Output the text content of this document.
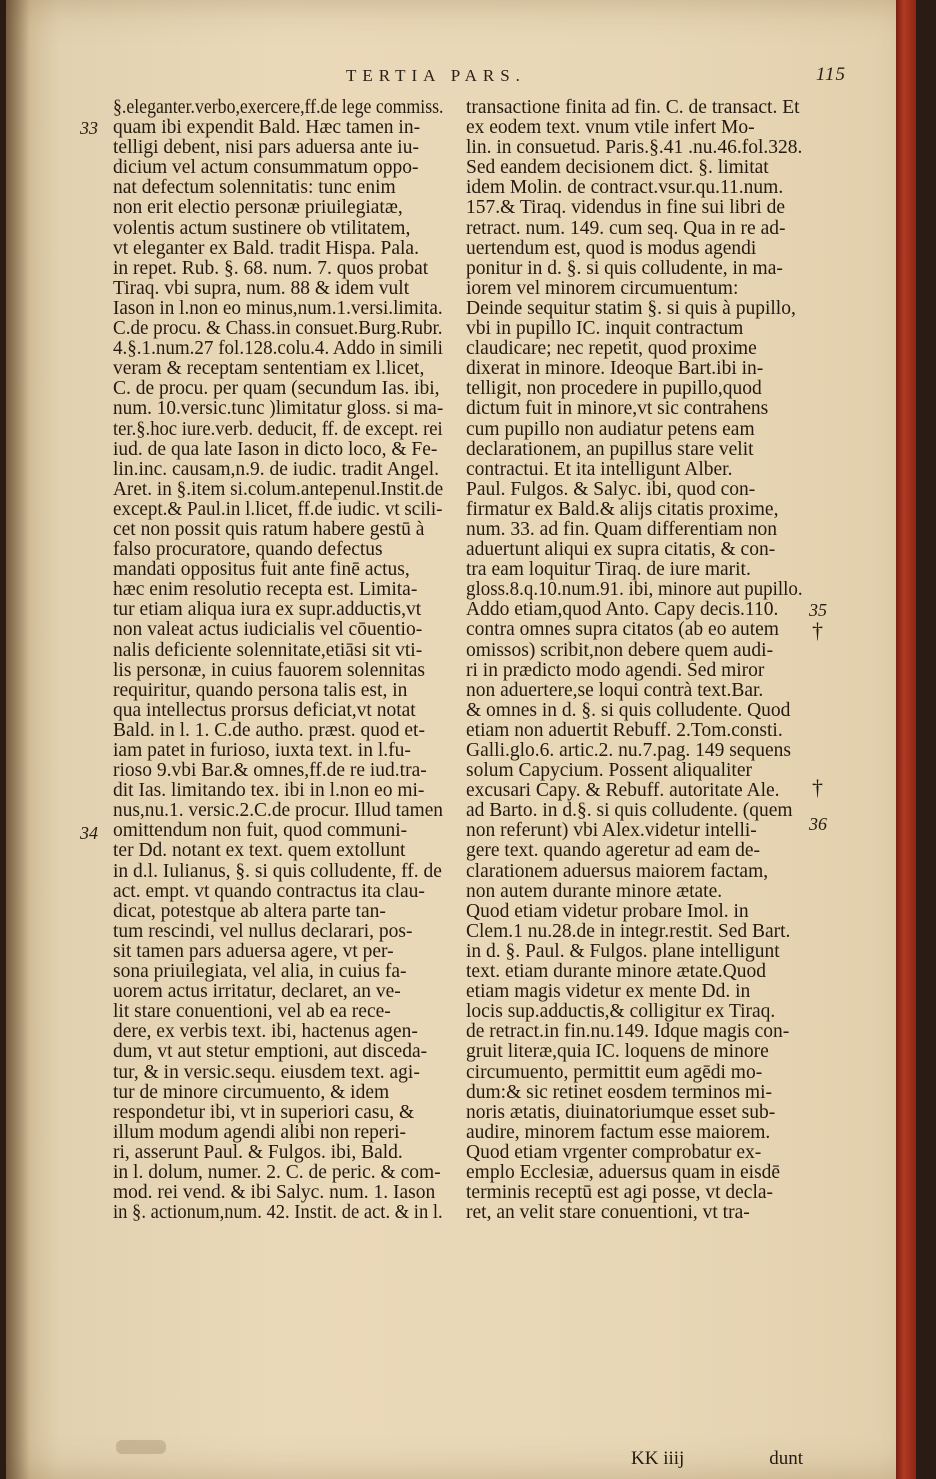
TERTIA PARS.	115
§.eleganter.verbo,exercere,ff.de lege commiss.
quam ibi expendit Bald. Hæc tamen in-
telligi debent, nisi pars aduersa ante iu-
dicium vel actum consummatum oppo-
nat defectum solennitatis: tunc enim
non erit electio personæ priuilegiatæ,
volentis actum sustinere ob vtilitatem,
vt eleganter ex Bald. tradit Hispa. Pala.
in repet. Rub. §. 68. num. 7. quos probat
Tiraq. vbi supra, num. 88 & idem vult
Iason in l.non eo minus,num.1.versi.limita.
C.de procu. & Chass.in consuet.Burg.Rubr.
4.§.1.num.27 fol.128.colu.4. Addo in simili
veram & receptam sententiam ex l.licet,
C. de procu. per quam (secundum Ias. ibi,
num. 10.versic.tunc )limitatur gloss. si ma-
ter.§.hoc iure.verb. deducit, ff. de except. rei
iud. de qua late Iason in dicto loco, & Fe-
lin.inc. causam,n.9. de iudic. tradit Angel.
Aret. in §.item si.colum.antepenul.Instit.de
except.& Paul.in l.licet, ff.de iudic. vt scili-
cet non possit quis ratum habere gestū à
falso procuratore, quando defectus
mandati oppositus fuit ante finē actus,
hæc enim resolutio recepta est. Limita-
tur etiam aliqua iura ex supr.adductis,vt
non valeat actus iudicialis vel cōuentio-
nalis deficiente solennitate,etiāsi sit vti-
lis personæ, in cuius fauorem solennitas
requiritur, quando persona talis est, in
qua intellectus prorsus deficiat,vt notat
Bald. in l. 1. C.de autho. præst. quod et-
iam patet in furioso, iuxta text. in l.fu-
rioso 9.vbi Bar.& omnes,ff.de re iud.tra-
dit Ias. limitando tex. ibi in l.non eo mi-
nus,nu.1. versic.2.C.de procur. Illud tamen
omittendum non fuit, quod communi-
ter Dd. notant ex text. quem extollunt
in d.l. Iulianus, §. si quis colludente, ff. de
act. empt. vt quando contractus ita clau-
dicat, potestque ab altera parte tan-
tum rescindi, vel nullus declarari, pos-
sit tamen pars aduersa agere, vt per-
sona priuilegiata, vel alia, in cuius fa-
uorem actus irritatur, declaret, an ve-
lit stare conuentioni, vel ab ea rece-
dere, ex verbis text. ibi, hactenus agen-
dum, vt aut stetur emptioni, aut disceda-
tur, & in versic.sequ. eiusdem text. agi-
tur de minore circumuento, & idem
respondetur ibi, vt in superiori casu, &
illum modum agendi alibi non reperi-
ri, asserunt Paul. & Fulgos. ibi, Bald.
in l. dolum, numer. 2. C. de peric. & com-
mod. rei vend. & ibi Salyc. num. 1. Iason
in §. actionum,num. 42. Instit. de act. & in l.
transactione finita ad fin. C. de transact. Et
ex eodem text. vnum vtile infert Mo-
lin. in consuetud. Paris.§.41 .nu.46.fol.328.
Sed eandem decisionem dict. §. limitat
idem Molin. de contract.vsur.qu.11.num.
157.& Tiraq. videndus in fine sui libri de
retract. num. 149. cum seq. Qua in re ad-
uertendum est, quod is modus agendi
ponitur in d. §. si quis colludente, in ma-
iorem vel minorem circumuentum:
Deinde sequitur statim §. si quis à pupillo,
vbi in pupillo IC. inquit contractum
claudicare; nec repetit, quod proxime
dixerat in minore. Ideoque Bart.ibi in-
telligit, non procedere in pupillo,quod
dictum fuit in minore,vt sic contrahens
cum pupillo non audiatur petens eam
declarationem, an pupillus stare velit
contractui. Et ita intelligunt Alber.
Paul. Fulgos. & Salyc. ibi, quod con-
firmatur ex Bald.& alijs citatis proxime,
num. 33. ad fin. Quam differentiam non
aduertunt aliqui ex supra citatis, & con-
tra eam loquitur Tiraq. de iure marit.
gloss.8.q.10.num.91. ibi, minore aut pupillo.
Addo etiam,quod Anto. Capy decis.110.
contra omnes supra citatos (ab eo autem
omissos) scribit,non debere quem audi-
ri in prædicto modo agendi. Sed miror
non aduertere,se loqui contrà text.Bar.
& omnes in d. §. si quis colludente. Quod
etiam non aduertit Rebuff. 2.Tom.consti.
Galli.glo.6. artic.2. nu.7.pag. 149 sequens
solum Capycium. Possent aliqualiter
excusari Capy. & Rebuff. autoritate Ale.
ad Barto. in d.§. si quis colludente. (quem
non referunt) vbi Alex.videtur intelli-
gere text. quando ageretur ad eam de-
clarationem aduersus maiorem factam,
non autem durante minore ætate.
Quod etiam videtur probare Imol. in
Clem.1 nu.28.de in integr.restit. Sed Bart.
in d. §. Paul. & Fulgos. plane intelligunt
text. etiam durante minore ætate.Quod
etiam magis videtur ex mente Dd. in
locis sup.adductis,& colligitur ex Tiraq.
de retract.in fin.nu.149. Idque magis con-
gruit literæ,quia IC. loquens de minore
circumuento, permittit eum agēdi mo-
dum:& sic retinet eosdem terminos mi-
noris ætatis, diuinatoriumque esset sub-
audire, minorem factum esse maiorem.
Quod etiam vrgenter comprobatur ex-
emplo Ecclesiæ, aduersus quam in eisdē
terminis receptū est agi posse, vt decla-
ret, an velit stare conuentioni, vt tra-
33
34
35
†
†
36
KK iiij	dunt
